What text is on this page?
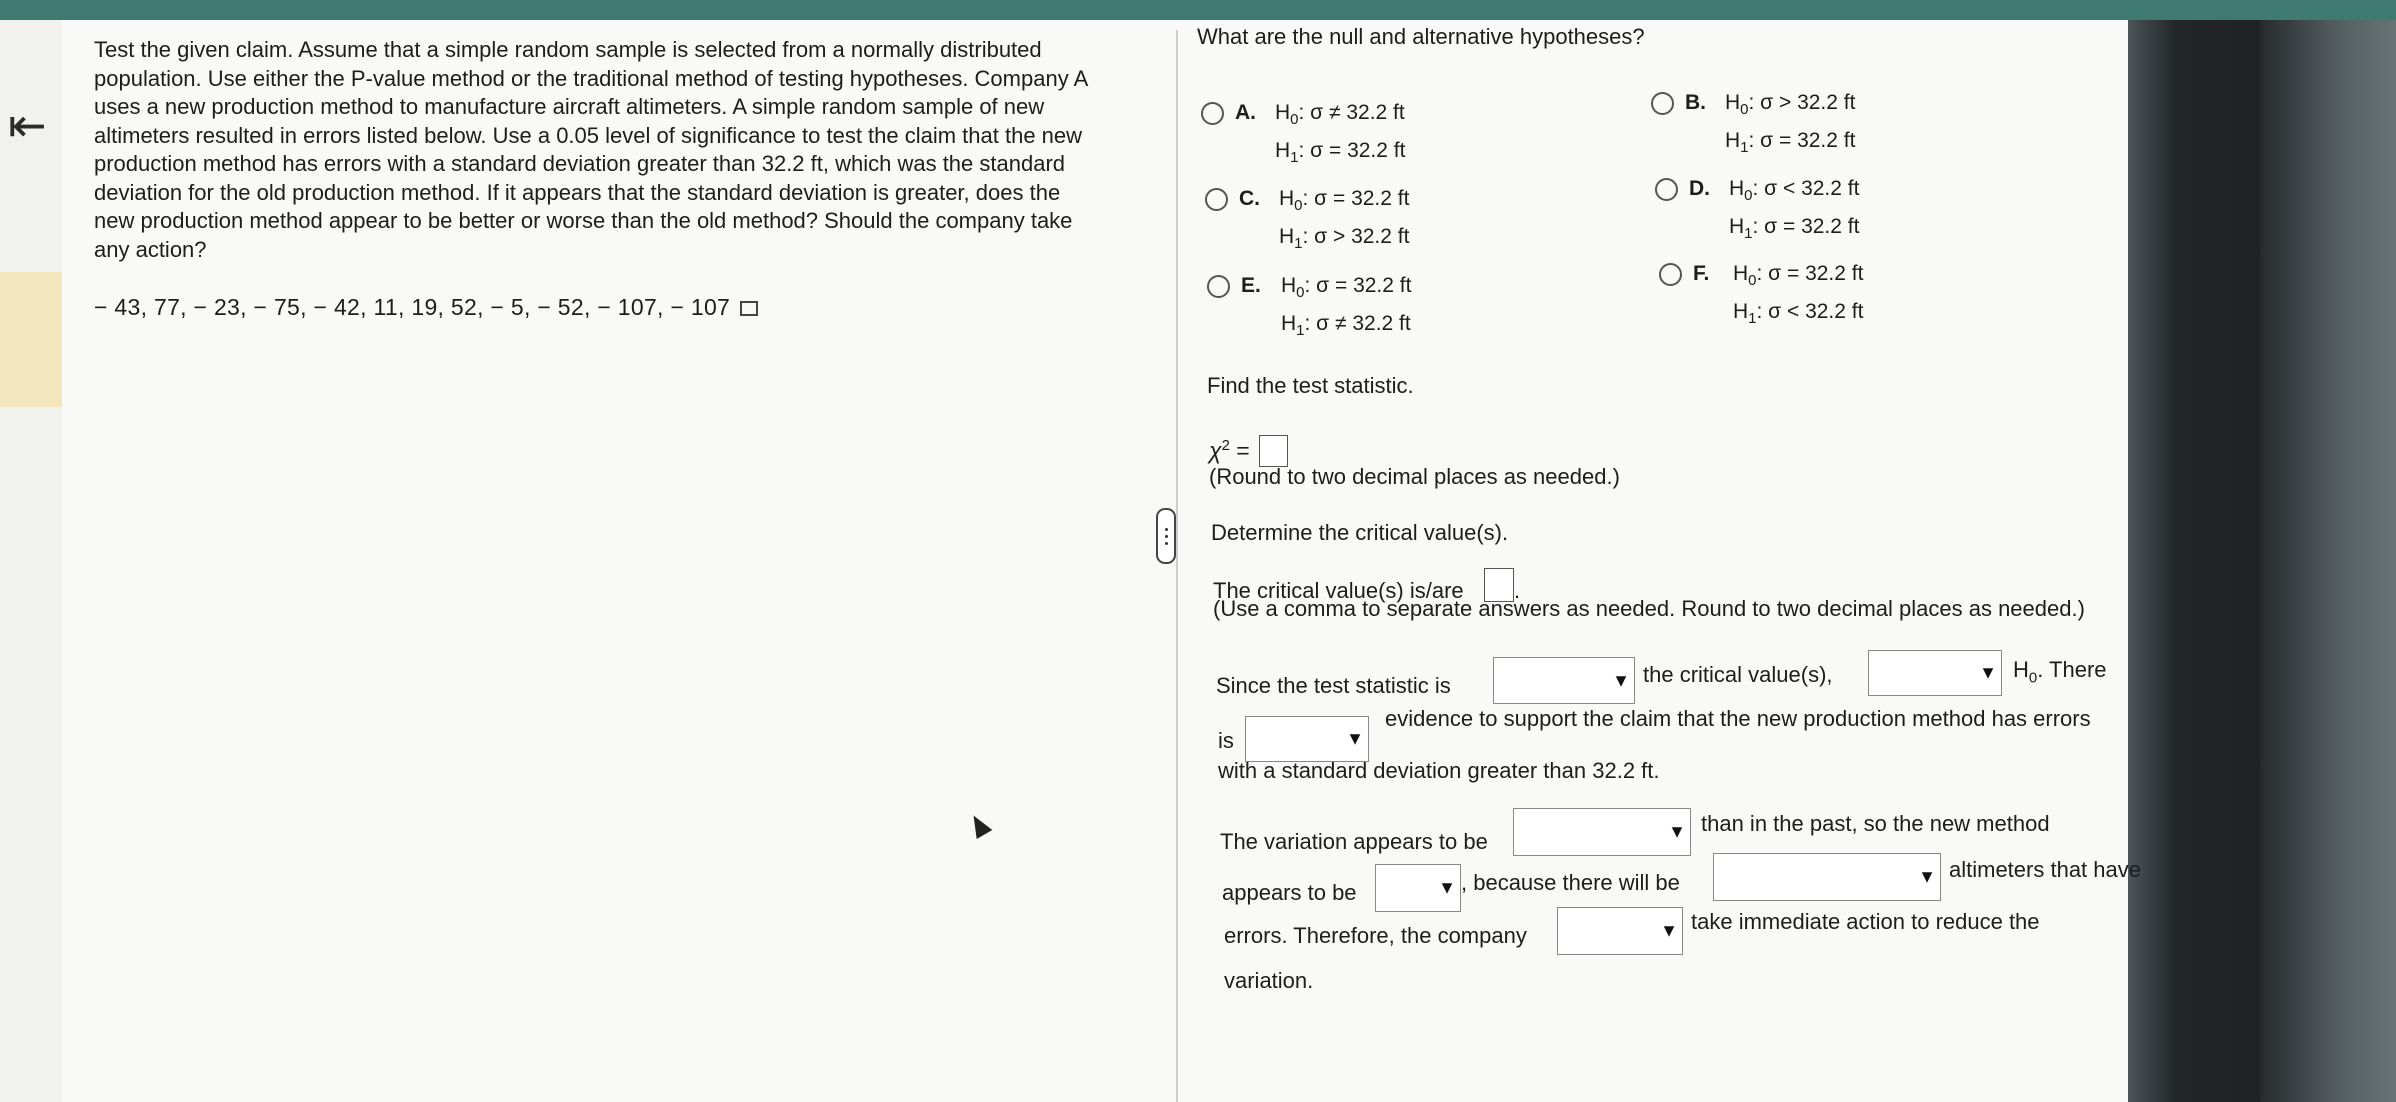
⇤
Test the given claim. Assume that a simple random sample is selected from a normally distributed population. Use either the P-value method or the traditional method of testing hypotheses. Company A uses a new production method to manufacture aircraft altimeters. A simple random sample of new altimeters resulted in errors listed below. Use a 0.05 level of significance to test the claim that the new production method has errors with a standard deviation greater than 32.2 ft, which was the standard deviation for the old production method. If it appears that the standard deviation is greater, does the new production method appear to be better or worse than the old method? Should the company take any action?
− 43, 77, − 23, − 75, − 42, 11, 19, 52, − 5, − 52, − 107, − 107
What are the null and alternative hypotheses?
A. $H_0$: σ ≠ 32.2 ft
$H_1$: σ = 32.2 ft
B. $H_0$: σ > 32.2 ft
$H_1$: σ = 32.2 ft
C. $H_0$: σ = 32.2 ft
$H_1$: σ > 32.2 ft
D. $H_0$: σ < 32.2 ft
$H_1$: σ = 32.2 ft
E. $H_0$: σ = 32.2 ft
$H_1$: σ ≠ 32.2 ft
F. $H_0$: σ = 32.2 ft
$H_1$: σ < 32.2 ft
Find the test statistic.
$\chi^2$ =
(Round to two decimal places as needed.)
Determine the critical value(s).
The critical value(s) is/are .
(Use a comma to separate answers as needed. Round to two decimal places as needed.)
Since the test statistic is	▼ the critical value(s),	▼ $H_0$. There
is	▼
evidence to support the claim that the new production method has errors
with a standard deviation greater than 32.2 ft.
The variation appears to be	▼ than in the past, so the new method
appears to be	▼ , because there will be	▼ altimeters that have
errors. Therefore, the company	▼ take immediate action to reduce the
variation.
